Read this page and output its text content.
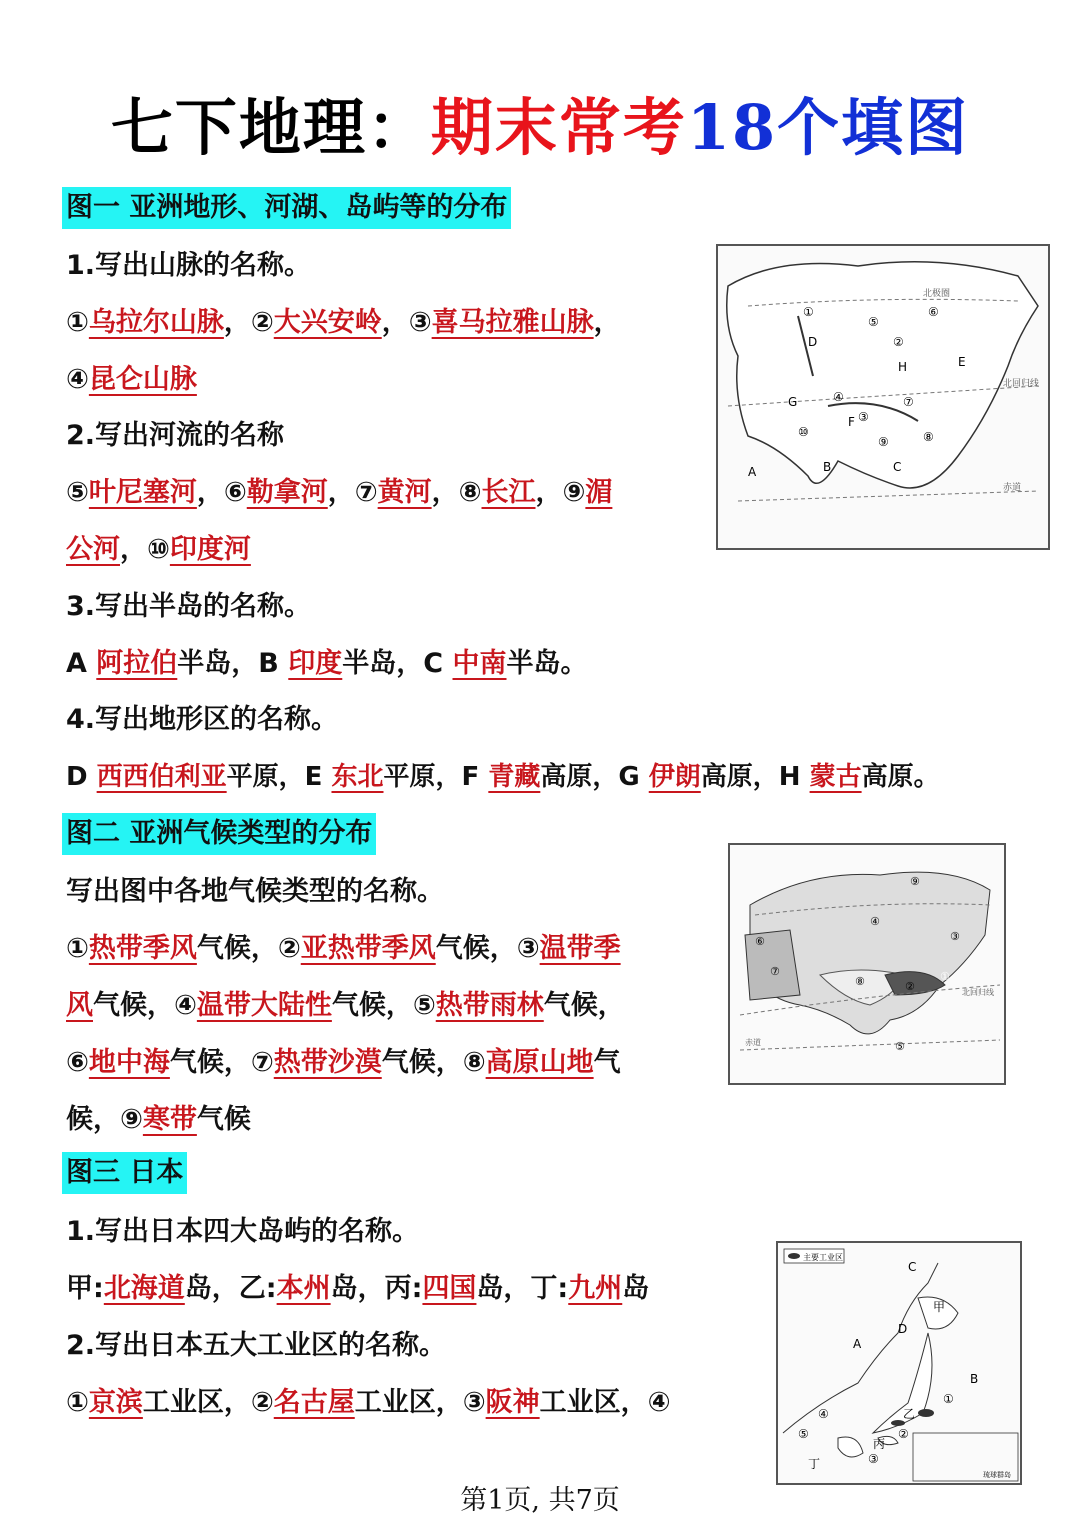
七下地理：期末常考18个填图
图一 亚洲地形、河湖、岛屿等的分布
1.写出山脉的名称。
①乌拉尔山脉，②大兴安岭，③喜马拉雅山脉，
④昆仑山脉
2.写出河流的名称
⑤叶尼塞河，⑥勒拿河，⑦黄河，⑧长江，⑨湄
公河，⑩印度河
3.写出半岛的名称。
A 阿拉伯半岛，B 印度半岛，C 中南半岛。
4.写出地形区的名称。
D 西西伯利亚平原，E 东北平原，F 青藏高原，G 伊朗高原，H 蒙古高原。
A	B	C
D
E
F
G
H
①
②
③
④
⑤
⑥
⑦
⑧
⑨
⑩
北回归线
北极圈
赤道
图二 亚洲气候类型的分布
写出图中各地气候类型的名称。
①热带季风气候，②亚热带季风气候，③温带季
风气候，④温带大陆性气候，⑤热带雨林气候，
⑥地中海气候，⑦热带沙漠气候，⑧高原山地气
候，⑨寒带气候
①
②
③
④
⑤
⑥
⑦
⑧
⑨
北回归线
赤道
图三 日本
1.写出日本四大岛屿的名称。
甲:北海道岛，乙:本州岛，丙:四国岛，丁:九州岛
2.写出日本五大工业区的名称。
①京滨工业区，②名古屋工业区，③阪神工业区，④
主要工业区
A
B
C
D
甲
乙
丙
丁
①
②
③
④
⑤
琉球群岛
第1页, 共7页
